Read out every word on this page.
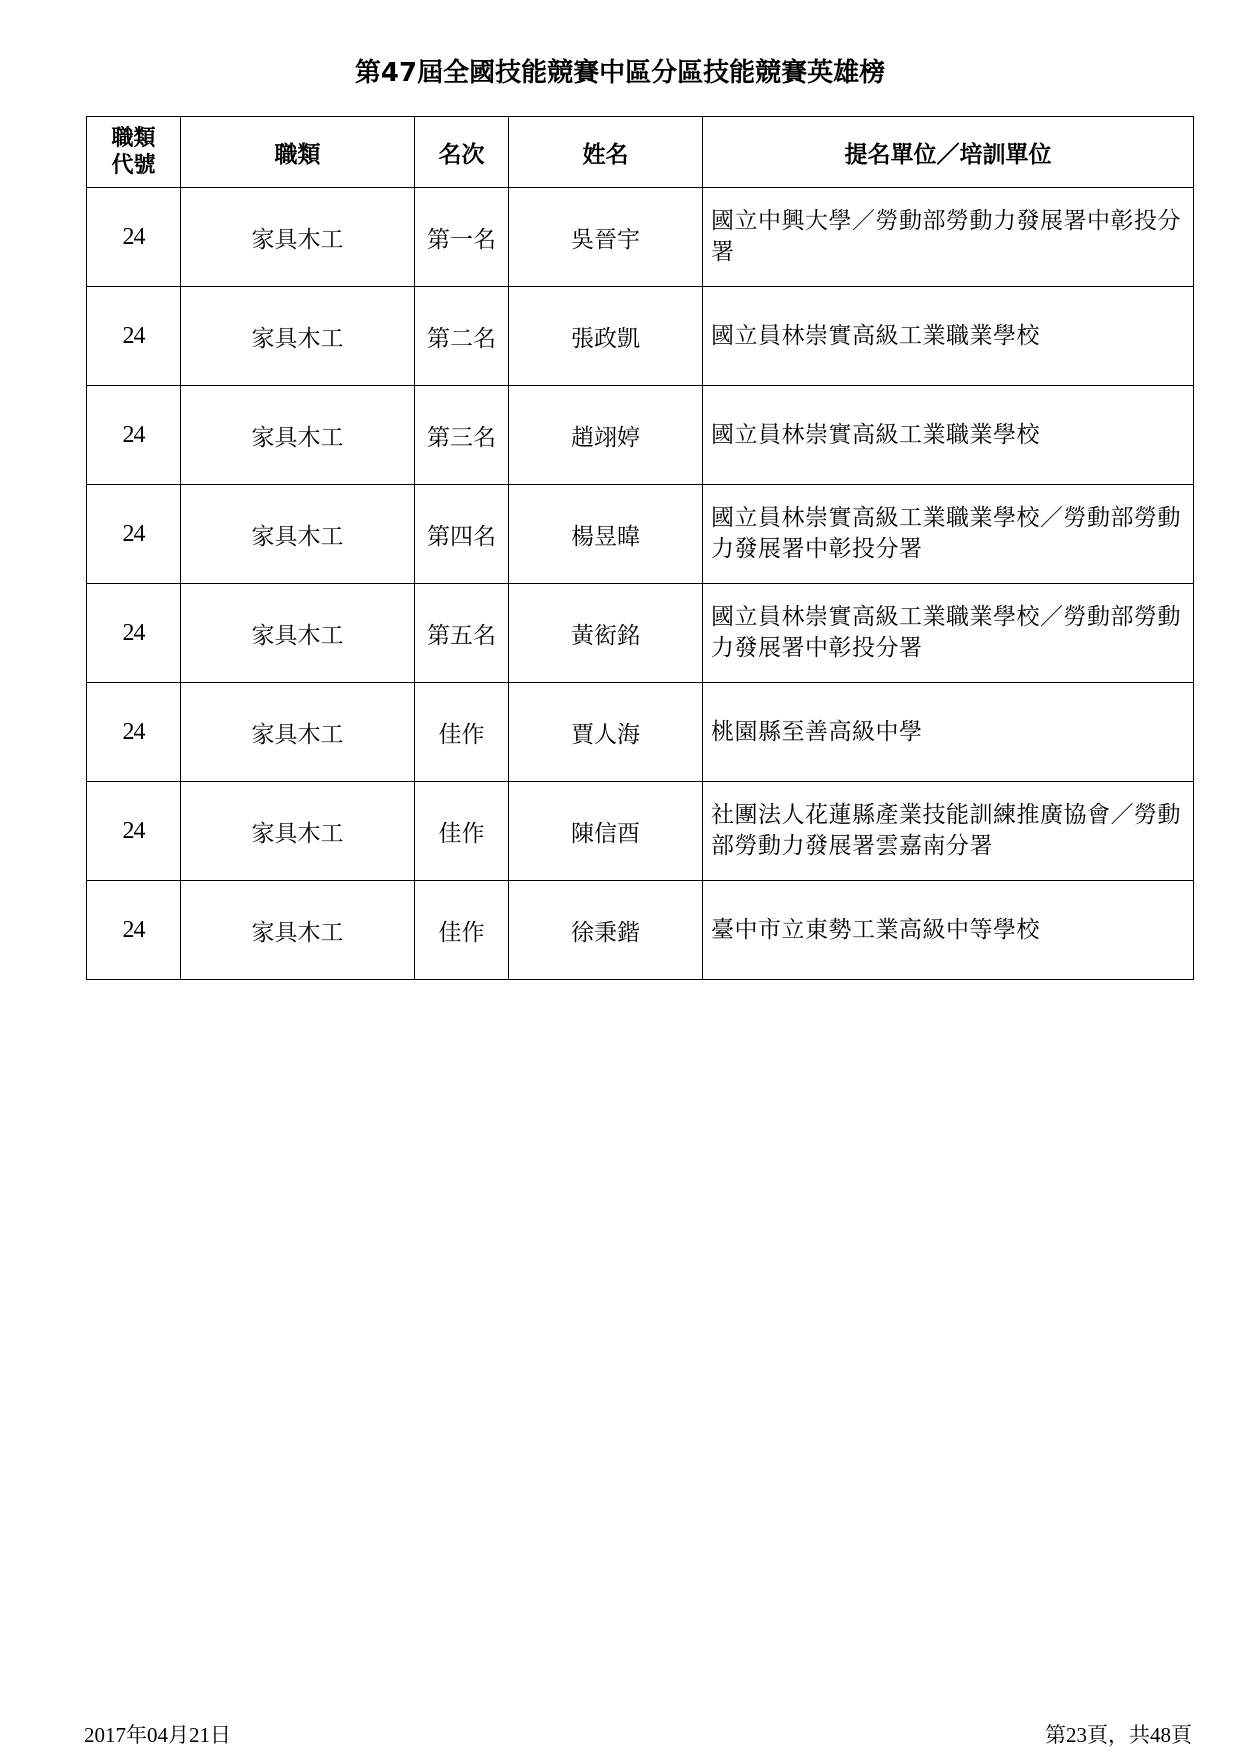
第47屆全國技能競賽中區分區技能競賽英雄榜
職類
代號	職類	名次	姓名	提名單位／培訓單位
24	家具木工	第一名	吳晉宇	國立中興大學／勞動部勞動力發展署中彰投分署
24	家具木工	第二名	張政凱	國立員林崇實高級工業職業學校
24	家具木工	第三名	趙翊婷	國立員林崇實高級工業職業學校
24	家具木工	第四名	楊昱暐	國立員林崇實高級工業職業學校／勞動部勞動力發展署中彰投分署
24	家具木工	第五名	黃衒銘	國立員林崇實高級工業職業學校／勞動部勞動力發展署中彰投分署
24	家具木工	佳作	賈人海	桃園縣至善高級中學
24	家具木工	佳作	陳信酉	社團法人花蓮縣產業技能訓練推廣協會／勞動部勞動力發展署雲嘉南分署
24	家具木工	佳作	徐秉鍇	臺中市立東勢工業高級中等學校
2017年04月21日	第23頁，共48頁
